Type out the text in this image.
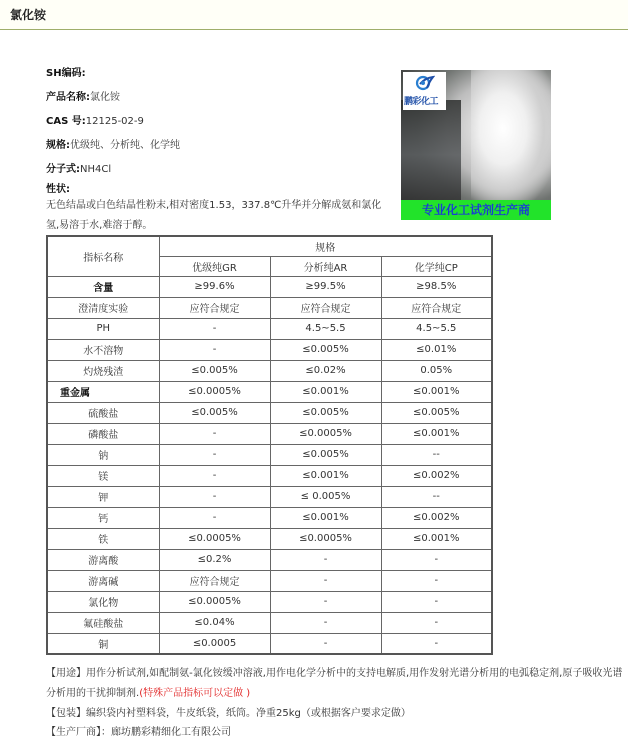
氯化铵
SH编码:
产品名称:氯化铵
CAS 号:12125-02-9
规格:优级纯、分析纯、化学纯
分子式:NH4Cl
性状:
无色结晶或白色结晶性粉末,相对密度1.53，337.8℃升华并分解成氨和氯化氢,易溶于水,难溶于醇。
鹏彩化工
专业化工试剂生产商
指标名称	规格		
	优级纯GR	分析纯AR	化学纯CP
含量	≥99.6%	≥99.5%	≥98.5%
澄清度实验	应符合规定	应符合规定	应符合规定
PH	-	4.5~5.5	4.5~5.5
水不溶物	-	≤0.005%	≤0.01%
灼烧残渣	≤0.005%	≤0.02%	0.05%
重金属	≤0.0005%	≤0.001%	≤0.001%
硫酸盐	≤0.005%	≤0.005%	≤0.005%
磷酸盐	-	≤0.0005%	≤0.001%
钠	-	≤0.005%	--
镁	-	≤0.001%	≤0.002%
钾	-	≤ 0.005%	--
钙	-	≤0.001%	≤0.002%
铁	≤0.0005%	≤0.0005%	≤0.001%
游离酸	≤0.2%	-	-
游离碱	应符合规定	-	-
氯化物	≤0.0005%	-	-
氟硅酸盐	≤0.04%	-	-
铜	≤0.0005	-	-
【用途】用作分析试剂,如配制氨-氯化铵缓冲溶液,用作电化学分析中的支持电解质,用作发射光谱分析用的电弧稳定剂,原子吸收光谱
分析用的干扰抑制剂.(特殊产品指标可以定做 )
【包装】编织袋内衬塑料袋，牛皮纸袋，纸筒。净重25kg（或根据客户要求定做）
【生产厂商】：廊坊鹏彩精细化工有限公司
